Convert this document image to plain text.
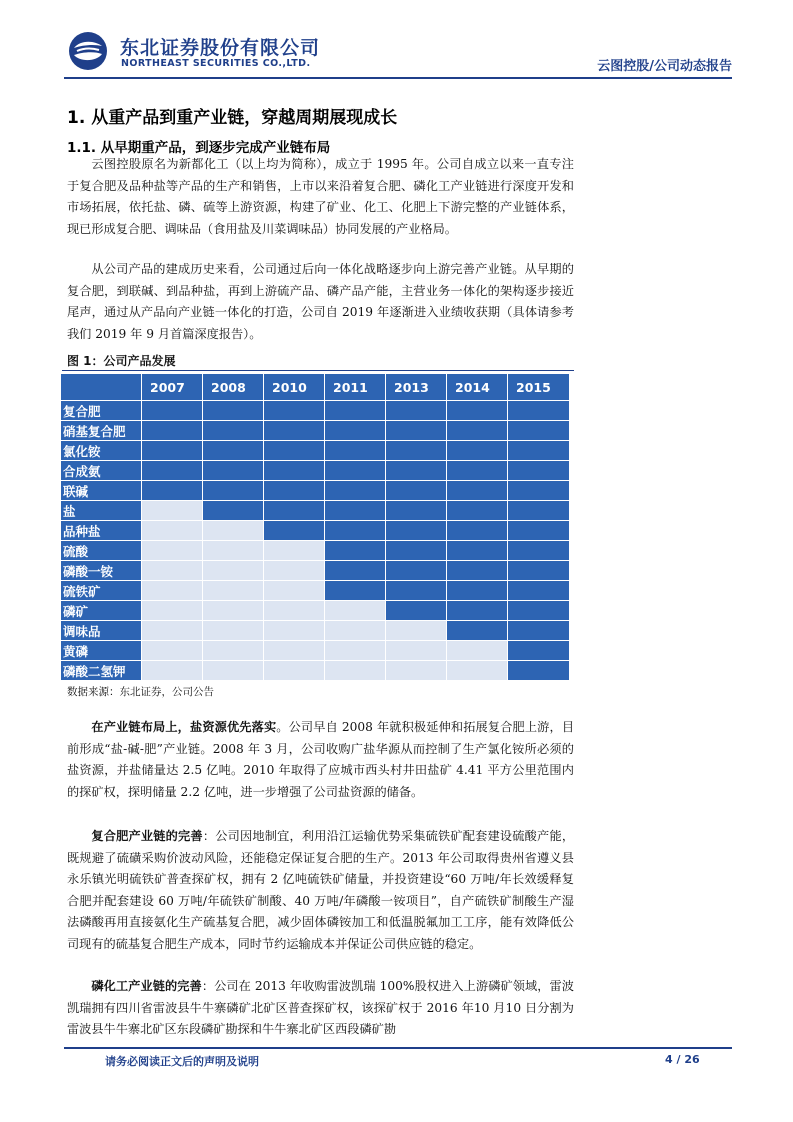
东北证券股份有限公司
NORTHEAST SECURITIES CO.,LTD.	云图控股/公司动态报告
1. 从重产品到重产业链，穿越周期展现成长
1.1. 从早期重产品，到逐步完成产业链布局

云图控股原名为新都化工（以上均为简称），成立于 1995 年。公司自成立以来一直专注于复合肥及品种盐等产品的生产和销售，上市以来沿着复合肥、磷化工产业链进行深度开发和市场拓展，依托盐、磷、硫等上游资源，构建了矿业、化工、化肥上下游完整的产业链体系，现已形成复合肥、调味品（食用盐及川菜调味品）协同发展的产业格局。

从公司产品的建成历史来看，公司通过后向一体化战略逐步向上游完善产业链。从早期的复合肥，到联碱、到品种盐，再到上游硫产品、磷产品产能，主营业务一体化的架构逐步接近尾声，通过从产品向产业链一体化的打造，公司自 2019 年逐渐进入业绩收获期（具体请参考我们 2019 年 9 月首篇深度报告）。

图 1：公司产品发展
	2007	2008	2010	2011	2013	2014	2015
复合肥							
硝基复合肥							
氯化铵							
合成氨							
联碱							
盐							
品种盐							
硫酸							
磷酸一铵							
硫铁矿							
磷矿							
调味品							
黄磷							
磷酸二氢钾							
数据来源：东北证券，公司公告

在产业链布局上，盐资源优先落实。公司早自 2008 年就积极延伸和拓展复合肥上游，目前形成“盐-碱-肥”产业链。2008 年 3 月，公司收购广盐华源从而控制了生产氯化铵所必须的盐资源，并盐储量达 2.5 亿吨。2010 年取得了应城市西头村井田盐矿 4.41 平方公里范围内的探矿权，探明储量 2.2 亿吨，进一步增强了公司盐资源的储备。

复合肥产业链的完善：公司因地制宜，利用沿江运输优势采集硫铁矿配套建设硫酸产能，既规避了硫磺采购价波动风险，还能稳定保证复合肥的生产。2013 年公司取得贵州省遵义县永乐镇光明硫铁矿普查探矿权，拥有 2 亿吨硫铁矿储量，并投资建设“60 万吨/年长效缓释复合肥并配套建设 60 万吨/年硫铁矿制酸、40 万吨/年磷酸一铵项目”，自产硫铁矿制酸生产湿法磷酸再用直接氨化生产硫基复合肥，减少固体磷铵加工和低温脱氟加工工序，能有效降低公司现有的硫基复合肥生产成本，同时节约运输成本并保证公司供应链的稳定。

磷化工产业链的完善：公司在 2013 年收购雷波凯瑞 100%股权进入上游磷矿领域，雷波凯瑞拥有四川省雷波县牛牛寨磷矿北矿区普查探矿权，该探矿权于 2016 年10 月10 日分割为雷波县牛牛寨北矿区东段磷矿勘探和牛牛寨北矿区西段磷矿勘

请务必阅读正文后的声明及说明	4 / 26
